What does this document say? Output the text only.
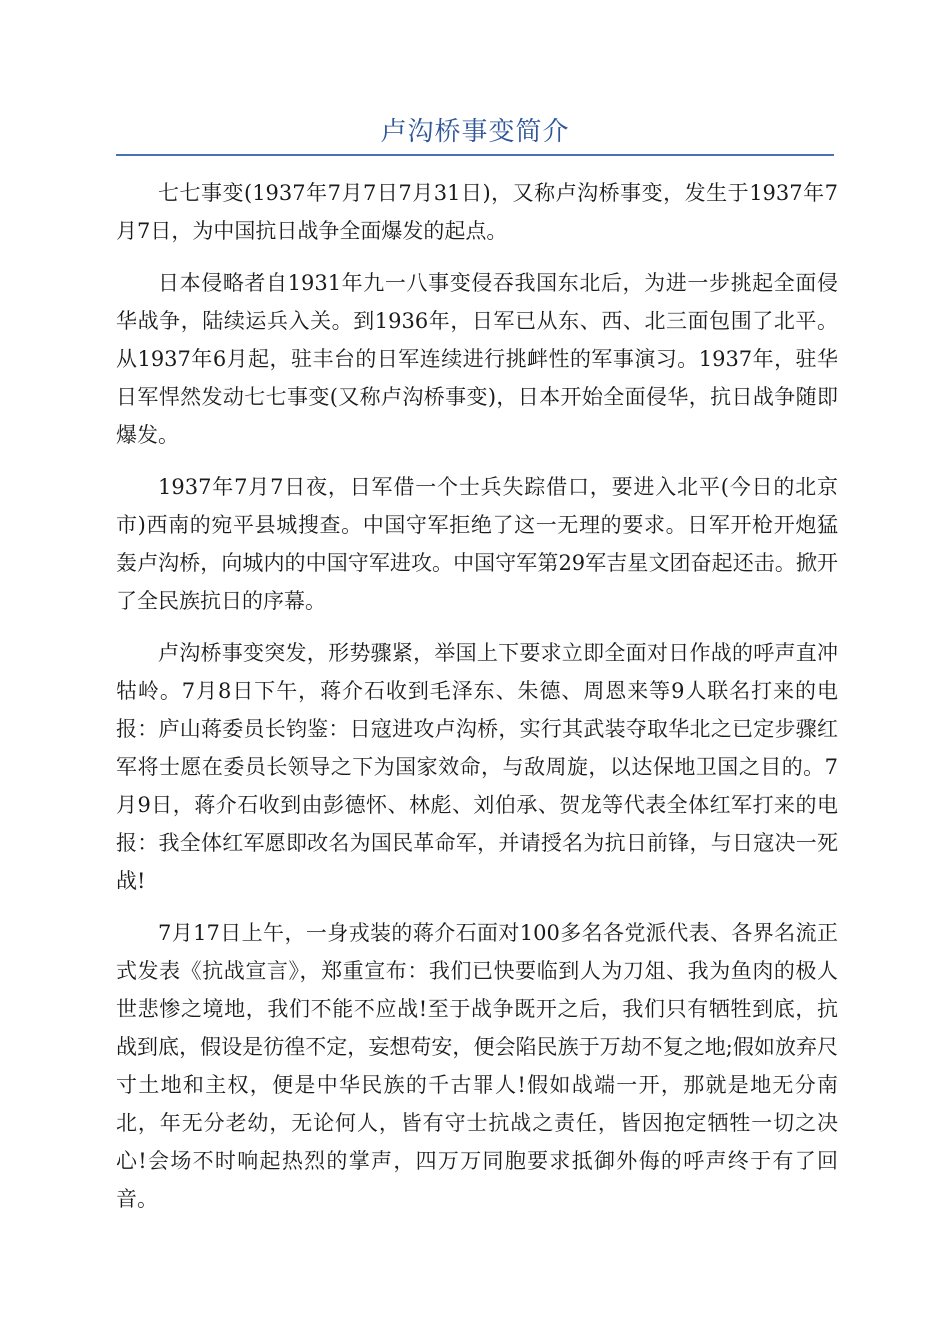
卢沟桥事变简介

七七事变(1937年7月7日7月31日)，又称卢沟桥事变，发生于1937年7月7日，为中国抗日战争全面爆发的起点。

日本侵略者自1931年九一八事变侵吞我国东北后，为进一步挑起全面侵华战争，陆续运兵入关。到1936年，日军已从东、西、北三面包围了北平。从1937年6月起，驻丰台的日军连续进行挑衅性的军事演习。1937年，驻华日军悍然发动七七事变(又称卢沟桥事变)，日本开始全面侵华，抗日战争随即爆发。

1937年7月7日夜，日军借一个士兵失踪借口，要进入北平(今日的北京市)西南的宛平县城搜查。中国守军拒绝了这一无理的要求。日军开枪开炮猛轰卢沟桥，向城内的中国守军进攻。中国守军第29军吉星文团奋起还击。掀开了全民族抗日的序幕。

卢沟桥事变突发，形势骤紧，举国上下要求立即全面对日作战的呼声直冲牯岭。7月8日下午，蒋介石收到毛泽东、朱德、周恩来等9人联名打来的电报：庐山蒋委员长钧鉴：日寇进攻卢沟桥，实行其武装夺取华北之已定步骤红军将士愿在委员长领导之下为国家效命，与敌周旋，以达保地卫国之目的。7月9日，蒋介石收到由彭德怀、林彪、刘伯承、贺龙等代表全体红军打来的电报：我全体红军愿即改名为国民革命军，并请授名为抗日前锋，与日寇决一死战!

7月17日上午，一身戎装的蒋介石面对100多名各党派代表、各界名流正式发表《抗战宣言》，郑重宣布：我们已快要临到人为刀俎、我为鱼肉的极人世悲惨之境地，我们不能不应战!至于战争既开之后，我们只有牺牲到底，抗战到底，假设是彷徨不定，妄想苟安，便会陷民族于万劫不复之地;假如放弃尺寸土地和主权，便是中华民族的千古罪人!假如战端一开，那就是地无分南北，年无分老幼，无论何人，皆有守士抗战之责任，皆因抱定牺牲一切之决心!会场不时响起热烈的掌声，四万万同胞要求抵御外侮的呼声终于有了回音。
